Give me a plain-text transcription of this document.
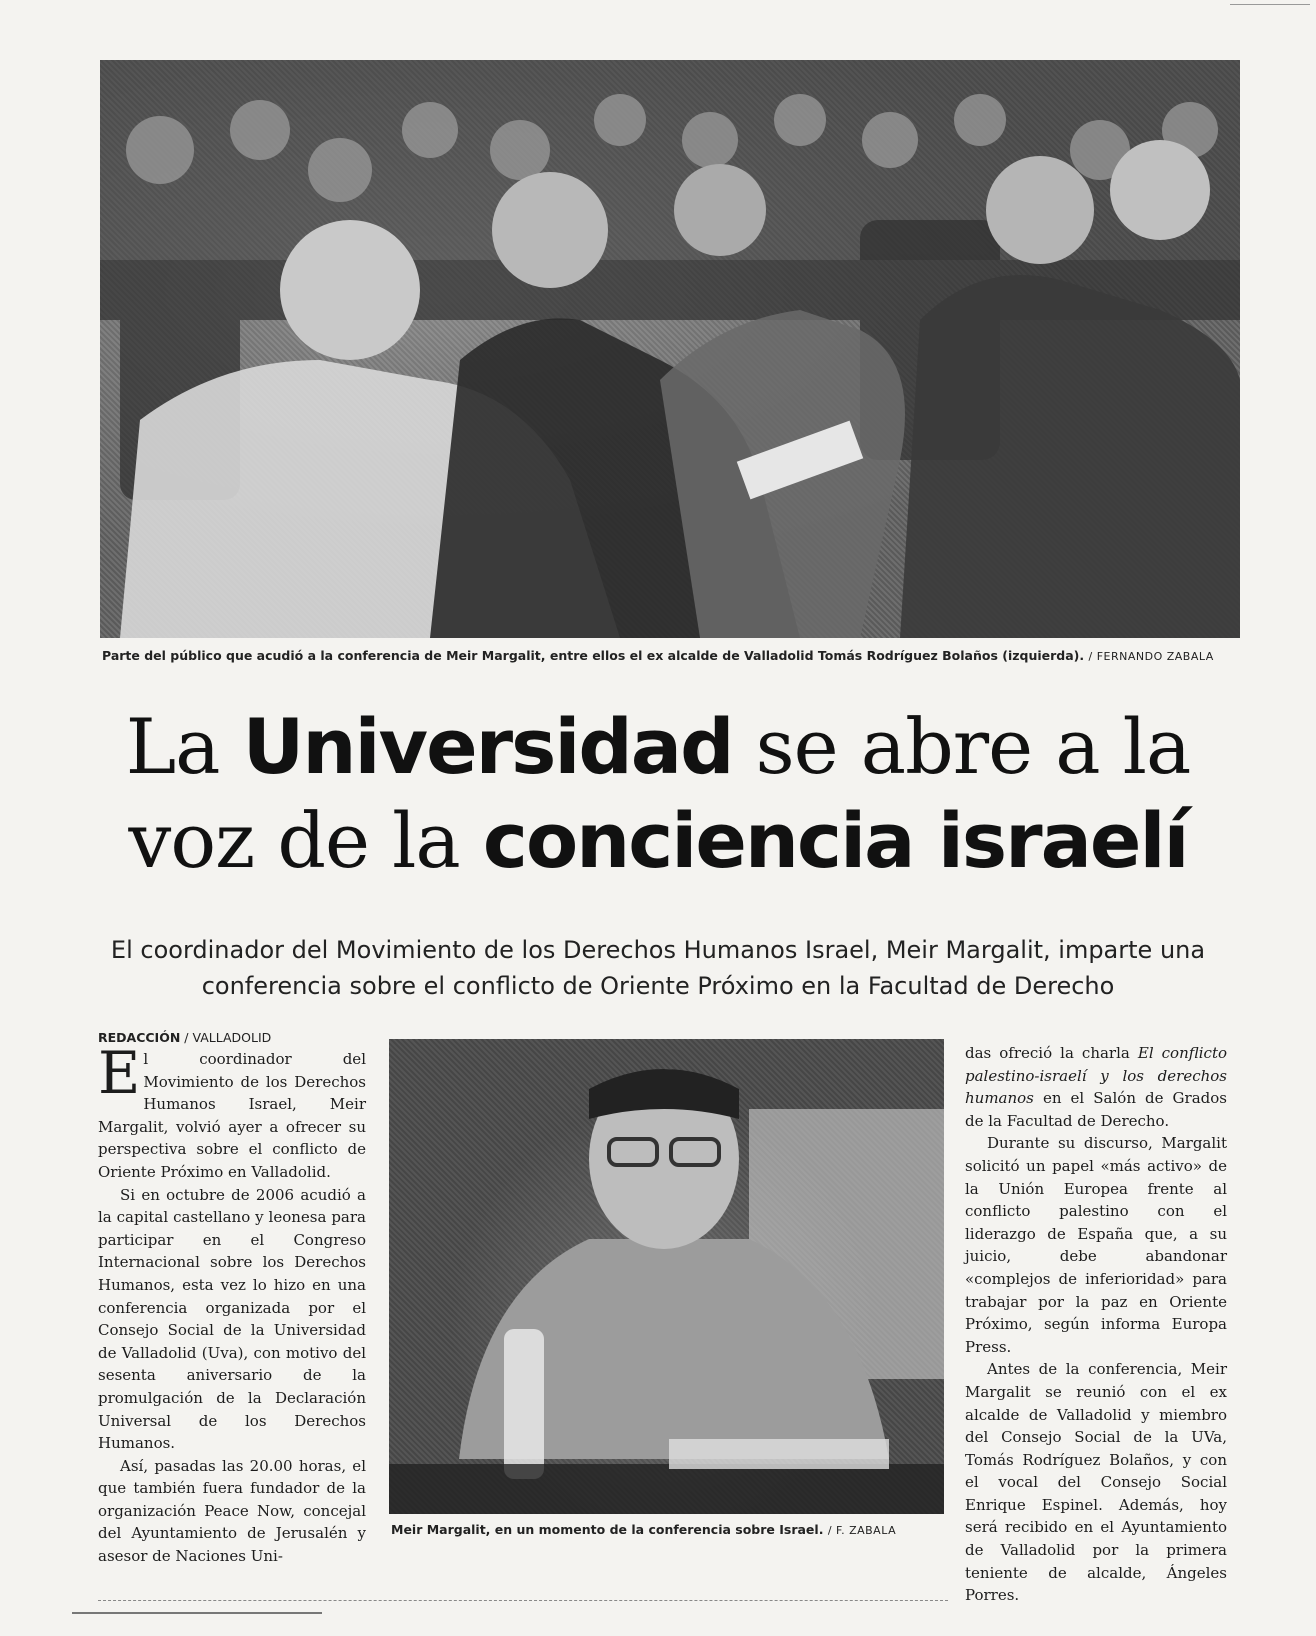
Parte del público que acudió a la conferencia de Meir Margalit, entre ellos el ex alcalde de Valladolid Tomás Rodríguez Bolaños (izquierda). / FERNANDO ZABALA
La Universidad se abre a la
voz de la conciencia israelí
El coordinador del Movimiento de los Derechos Humanos Israel, Meir Margalit, imparte una conferencia sobre el conflicto de Oriente Próximo en la Facultad de Derecho
REDACCIÓN / VALLADOLID

El coordinador del Movimiento de los Derechos Humanos Israel, Meir Margalit, volvió ayer a ofrecer su perspectiva sobre el conflicto de Oriente Próximo en Valladolid.

Si en octubre de 2006 acudió a la capital castellano y leonesa para participar en el Congreso Internacional sobre los Derechos Humanos, esta vez lo hizo en una conferencia organizada por el Consejo Social de la Universidad de Valladolid (Uva), con motivo del sesenta aniversario de la promulgación de la Declaración Universal de los Derechos Humanos.

Así, pasadas las 20.00 horas, el que también fuera fundador de la organización Peace Now, concejal del Ayuntamiento de Jerusalén y asesor de Naciones Uni-

Meir Margalit, en un momento de la conferencia sobre Israel. / F. ZABALA

das ofreció la charla El conflicto palestino-israelí y los derechos humanos en el Salón de Grados de la Facultad de Derecho.

Durante su discurso, Margalit solicitó un papel «más activo» de la Unión Europea frente al conflicto palestino con el liderazgo de España que, a su juicio, debe abandonar «complejos de inferioridad» para trabajar por la paz en Oriente Próximo, según informa Europa Press.

Antes de la conferencia, Meir Margalit se reunió con el ex alcalde de Valladolid y miembro del Consejo Social de la UVa, Tomás Rodríguez Bolaños, y con el vocal del Consejo Social Enrique Espinel. Además, hoy será recibido en el Ayuntamiento de Valladolid por la primera teniente de alcalde, Ángeles Porres.
